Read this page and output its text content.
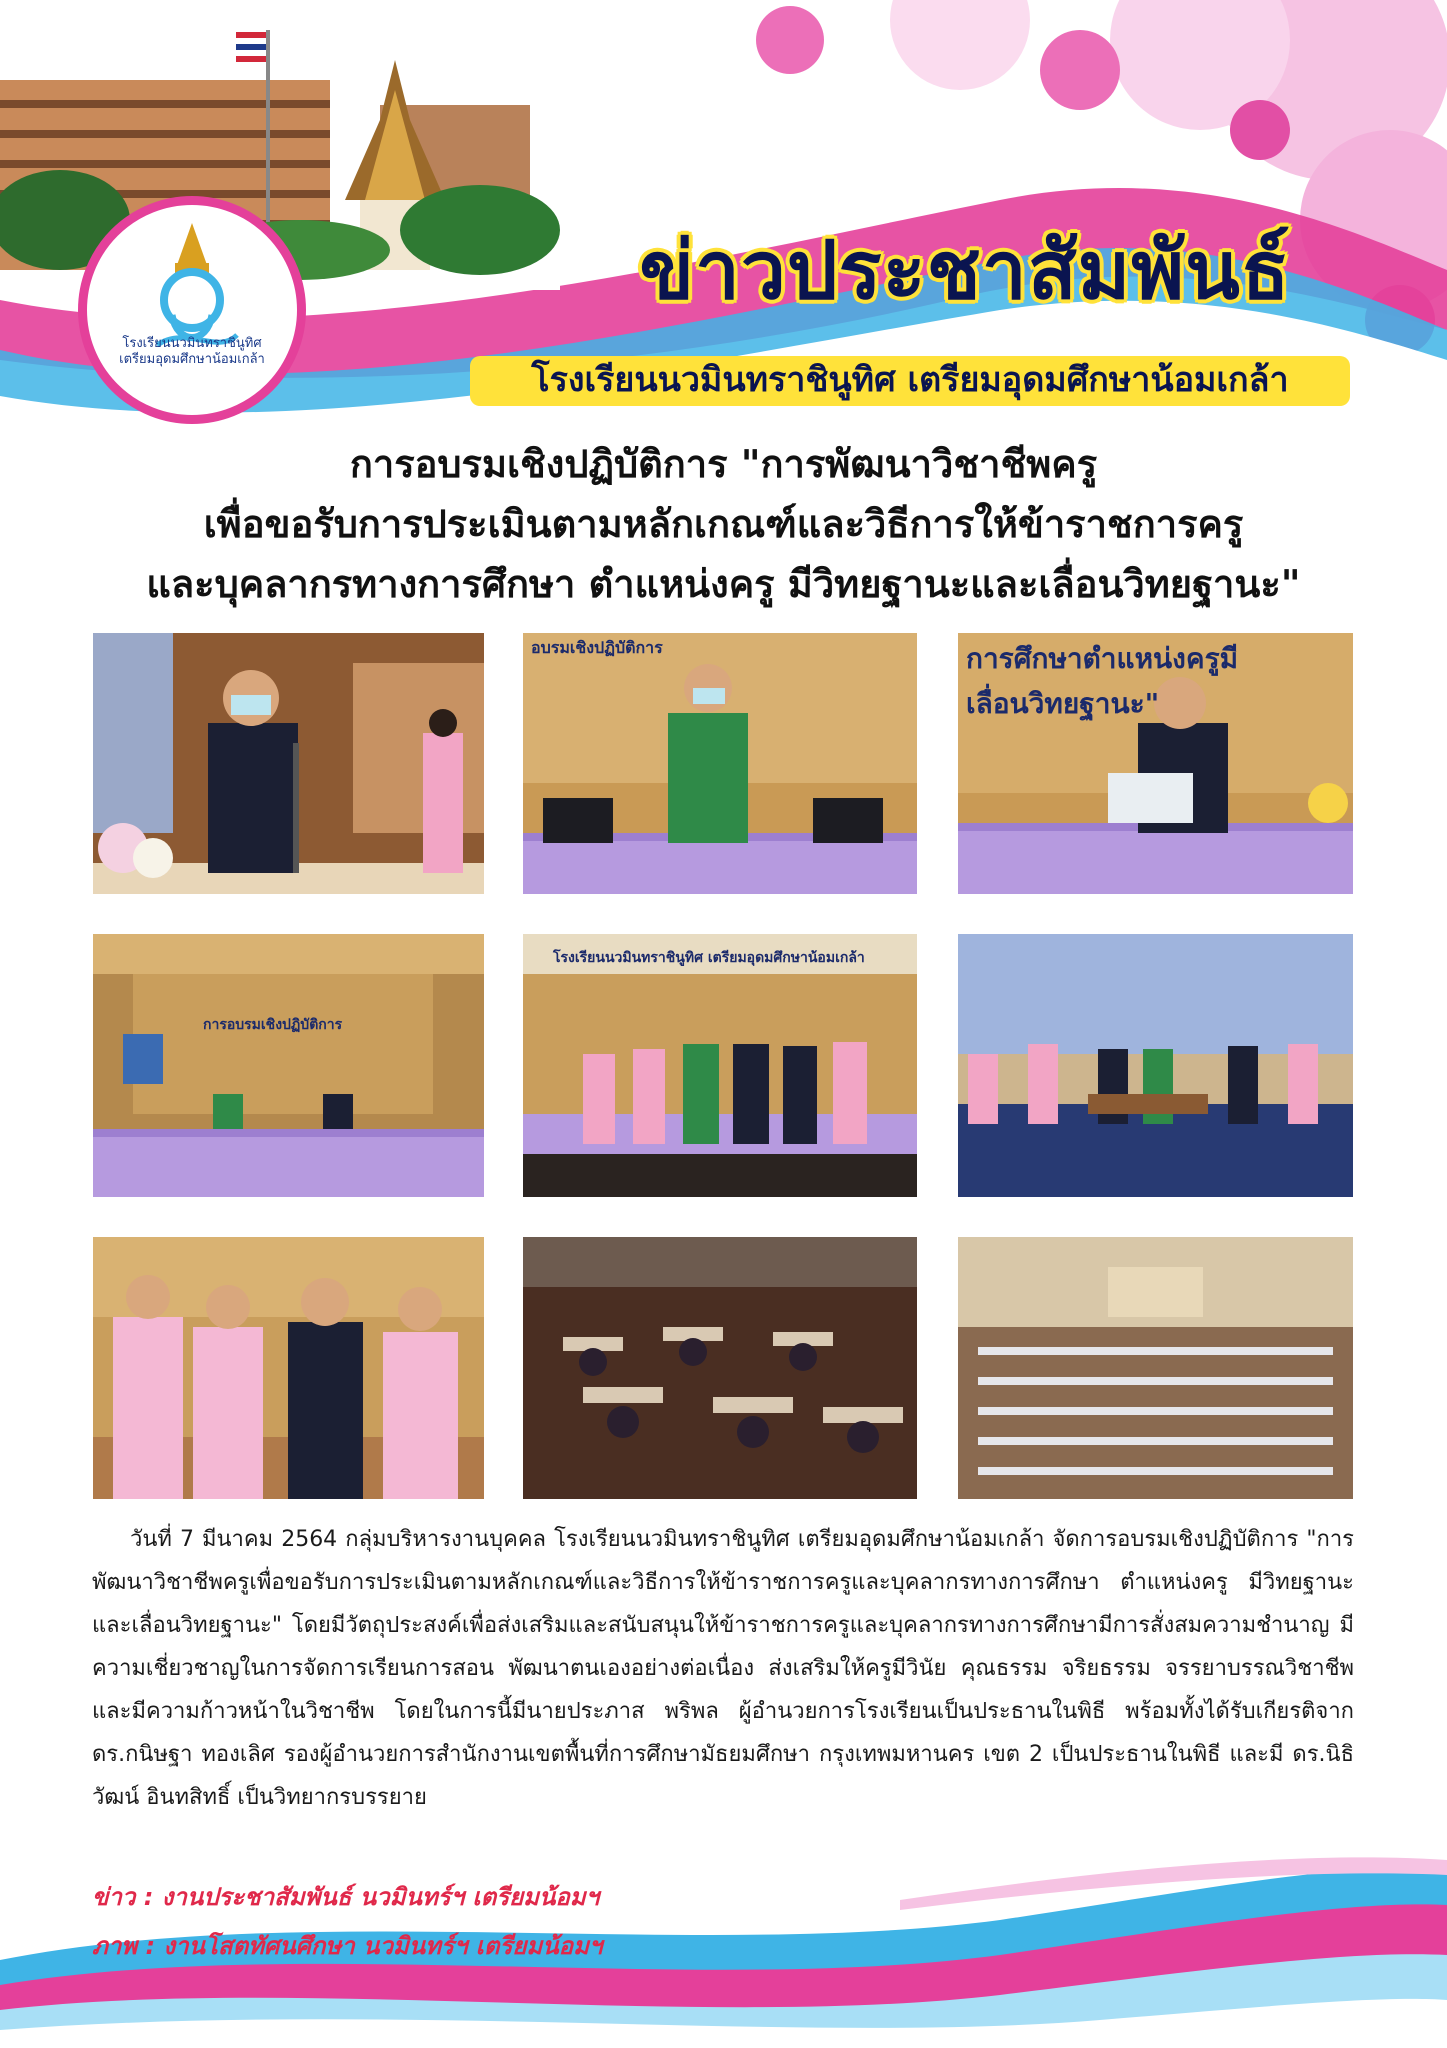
โรงเรียนนวมินทราชินูทิศ
เตรียมอุดมศึกษาน้อมเกล้า
ข่าวประชาสัมพันธ์
โรงเรียนนวมินทราชินูทิศ เตรียมอุดมศึกษาน้อมเกล้า
การอบรมเชิงปฏิบัติการ "การพัฒนาวิชาชีพครู
เพื่อขอรับการประเมินตามหลักเกณฑ์และวิธีการให้ข้าราชการครู
และบุคลากรทางการศึกษา ตำแหน่งครู มีวิทยฐานะและเลื่อนวิทยฐานะ"
อบรมเชิงปฏิบัติการ	การศึกษาตำแหน่งครูมี
เลื่อนวิทยฐานะ"
การอบรมเชิงปฏิบัติการ
โรงเรียนนวมินทราชินูทิศ เตรียมอุดมศึกษาน้อมเกล้า
วันที่ 7 มีนาคม 2564 กลุ่มบริหารงานบุคคล โรงเรียนนวมินทราชินูทิศ เตรียมอุดมศึกษาน้อมเกล้า จัดการอบรมเชิงปฏิบัติการ "การพัฒนาวิชาชีพครูเพื่อขอรับการประเมินตามหลักเกณฑ์และวิธีการให้ข้าราชการครูและบุคลากรทางการศึกษา ตำแหน่งครู มีวิทยฐานะและเลื่อนวิทยฐานะ" โดยมีวัตถุประสงค์เพื่อส่งเสริมและสนับสนุนให้ข้าราชการครูและบุคลากรทางการศึกษามีการสั่งสมความชำนาญ มีความเชี่ยวชาญในการจัดการเรียนการสอน พัฒนาตนเองอย่างต่อเนื่อง ส่งเสริมให้ครูมีวินัย คุณธรรม จริยธรรม จรรยาบรรณวิชาชีพ และมีความก้าวหน้าในวิชาชีพ โดยในการนี้มีนายประภาส พริพล ผู้อำนวยการโรงเรียนเป็นประธานในพิธี พร้อมทั้งได้รับเกียรติจาก ดร.กนิษฐา ทองเลิศ รองผู้อำนวยการสำนักงานเขตพื้นที่การศึกษามัธยมศึกษา กรุงเทพมหานคร เขต 2 เป็นประธานในพิธี และมี ดร.นิธิวัฒน์ อินทสิทธิ์ เป็นวิทยากรบรรยาย
ข่าว : งานประชาสัมพันธ์ นวมินทร์ฯ เตรียมน้อมฯ
ภาพ : งานโสตทัศนศึกษา นวมินทร์ฯ เตรียมน้อมฯ
